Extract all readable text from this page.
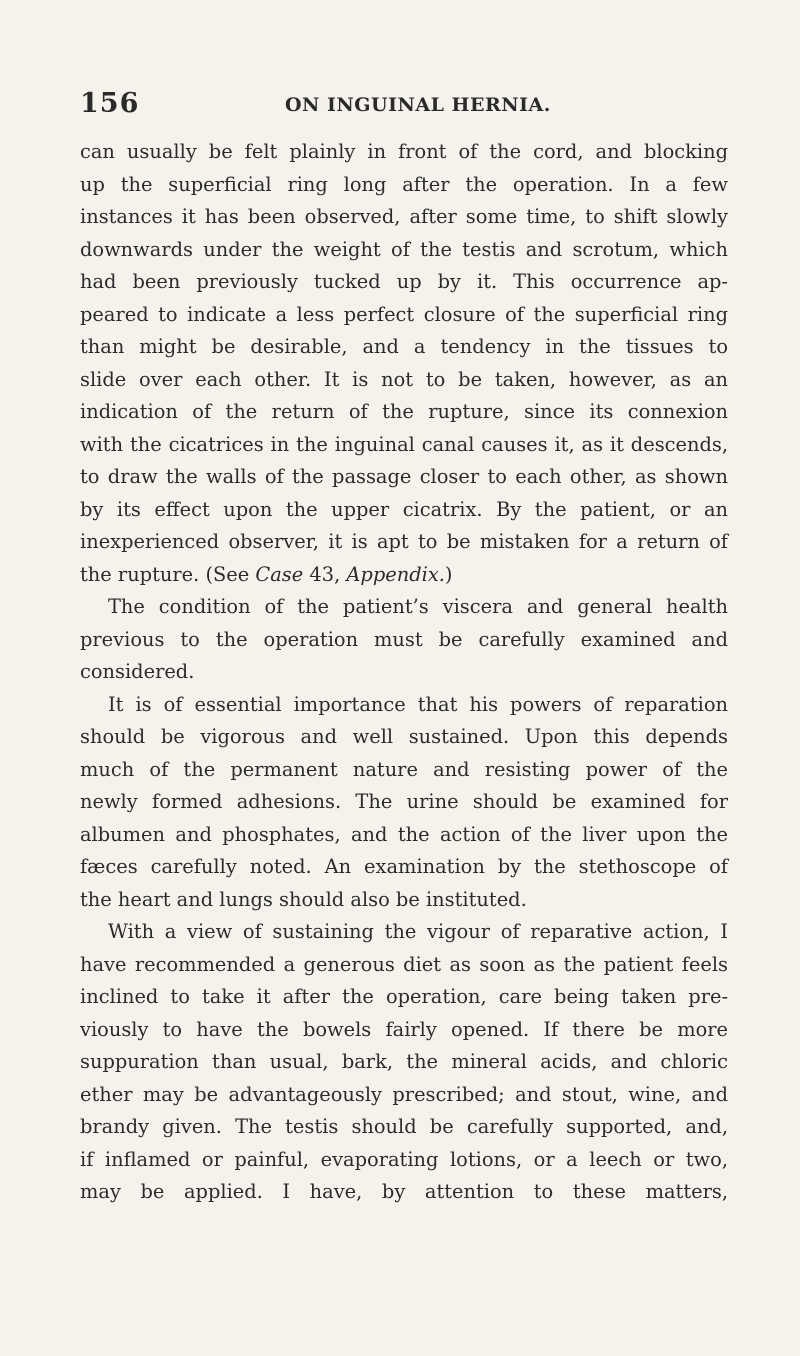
156	ON INGUINAL HERNIA.
can usually be felt plainly in front of the cord, and blocking
up the superficial ring long after the operation. In a few
instances it has been observed, after some time, to shift slowly
downwards under the weight of the testis and scrotum, which
had been previously tucked up by it. This occurrence ap-
peared to indicate a less perfect closure of the superficial ring
than might be desirable, and a tendency in the tissues to
slide over each other. It is not to be taken, however, as an
indication of the return of the rupture, since its connexion
with the cicatrices in the inguinal canal causes it, as it descends,
to draw the walls of the passage closer to each other, as shown
by its effect upon the upper cicatrix. By the patient, or an
inexperienced observer, it is apt to be mistaken for a return of
the rupture. (See Case 43, Appendix.)
The condition of the patient’s viscera and general health
previous to the operation must be carefully examined and
considered.
It is of essential importance that his powers of reparation
should be vigorous and well sustained. Upon this depends
much of the permanent nature and resisting power of the
newly formed adhesions. The urine should be examined for
albumen and phosphates, and the action of the liver upon the
fæces carefully noted. An examination by the stethoscope of
the heart and lungs should also be instituted.
With a view of sustaining the vigour of reparative action, I
have recommended a generous diet as soon as the patient feels
inclined to take it after the operation, care being taken pre-
viously to have the bowels fairly opened. If there be more
suppuration than usual, bark, the mineral acids, and chloric
ether may be advantageously prescribed; and stout, wine, and
brandy given. The testis should be carefully supported, and,
if inflamed or painful, evaporating lotions, or a leech or two,
may be applied. I have, by attention to these matters,
